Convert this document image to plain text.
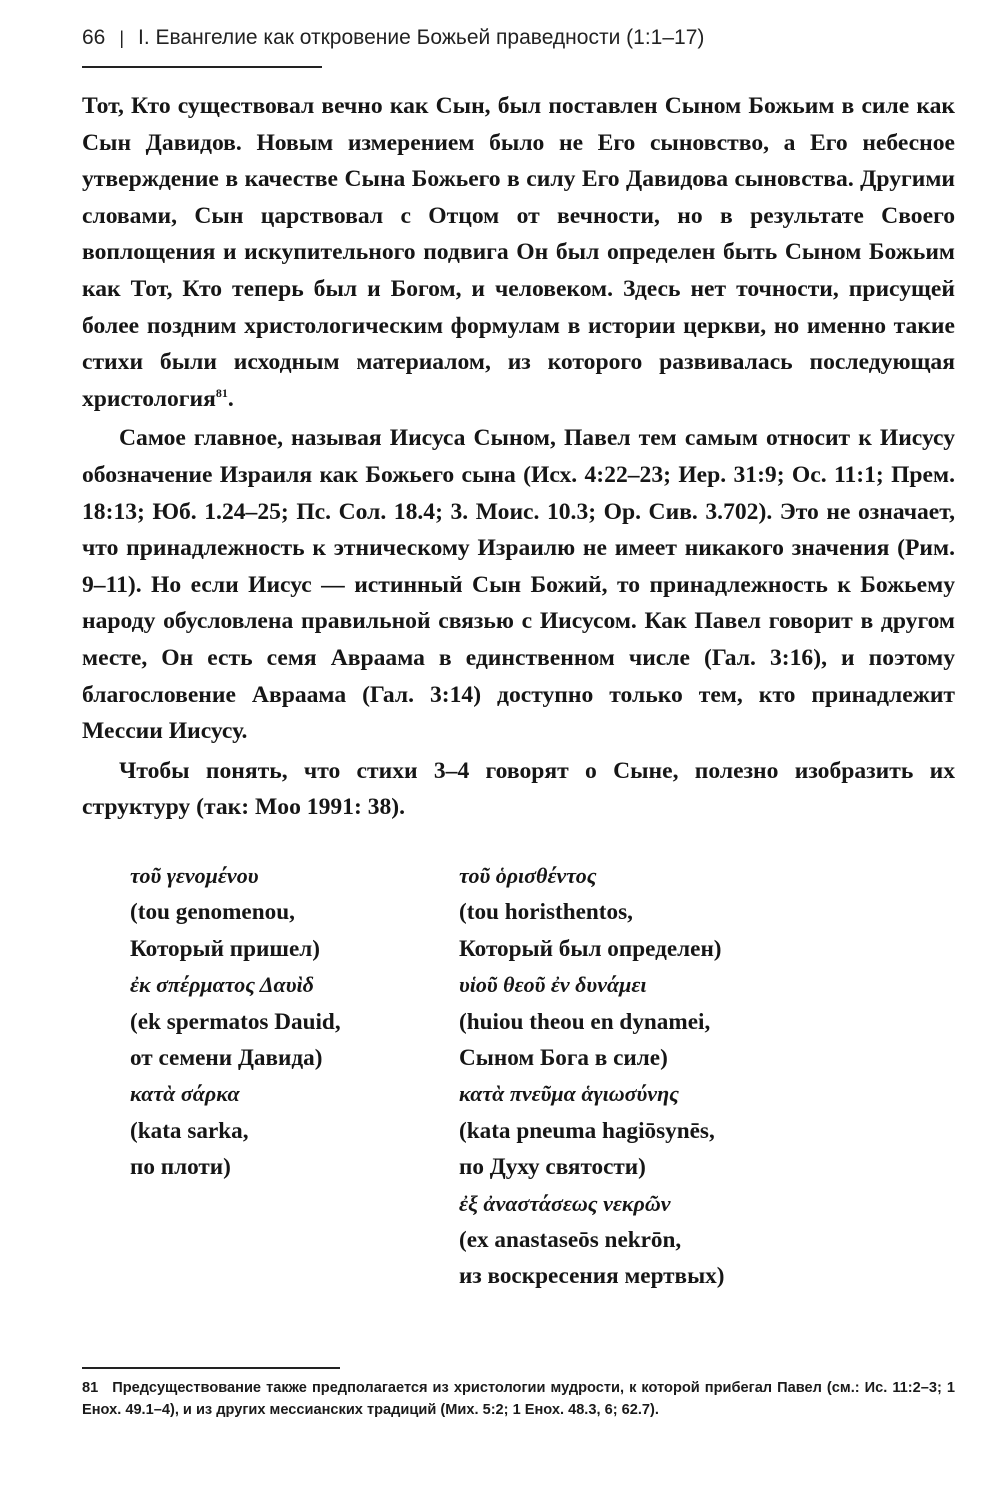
66 | I. Евангелие как откровение Божьей праведности (1:1–17)

Тот, Кто существовал вечно как Сын, был поставлен Сыном Божьим в силе как Сын Давидов. Новым измерением было не Его сыновство, а Его небесное утверждение в качестве Сына Божьего в силу Его Давидова сыновства. Другими словами, Сын царствовал с Отцом от вечности, но в результате Своего воплощения и искупительного подвига Он был определен быть Сыном Божьим как Тот, Кто теперь был и Богом, и человеком. Здесь нет точности, присущей более поздним христологическим формулам в истории церкви, но именно такие стихи были исходным материалом, из которого развивалась последующая христология$^{81}$.

Самое главное, называя Иисуса Сыном, Павел тем самым относит к Иисусу обозначение Израиля как Божьего сына (Исх. 4:22–23; Иер. 31:9; Ос. 11:1; Прем. 18:13; Юб. 1.24–25; Пс. Сол. 18.4; 3. Моис. 10.3; Ор. Сив. 3.702). Это не означает, что принадлежность к этническому Израилю не имеет никакого значения (Рим. 9–11). Но если Иисус — истинный Сын Божий, то принадлежность к Божьему народу обусловлена правильной связью с Иисусом. Как Павел говорит в другом месте, Он есть семя Авраама в единственном числе (Гал. 3:16), и поэтому благословение Авраама (Гал. 3:14) доступно только тем, кто принадлежит Мессии Иисусу.

Чтобы понять, что стихи 3–4 говорят о Сыне, полезно изобразить их структуру (так: Moo 1991: 38).

τοῦ γενομένου
(tou genomenou,
Который пришел)
ἐκ σπέρματος Δαυὶδ
(ek spermatos Dauid,
от семени Давида)
κατὰ σάρκα
(kata sarka,
по плоти)
τοῦ ὁρισθέντος
(tou horisthentos,
Который был определен)
υἱοῦ θεοῦ ἐν δυνάμει
(huiou theou en dynamei,
Сыном Бога в силе)
κατὰ πνεῦμα ἁγιωσύνης
(kata pneuma hagiōsynēs,
по Духу святости)
ἐξ ἀναστάσεως νεκρῶν
(ex anastaseōs nekrōn,
из воскресения мертвых)
81 Предсуществование также предполагается из христологии мудрости, к которой прибегал Павел (см.: Ис. 11:2–3; 1 Енох. 49.1–4), и из других мессианских традиций (Мих. 5:2; 1 Енох. 48.3, 6; 62.7).
